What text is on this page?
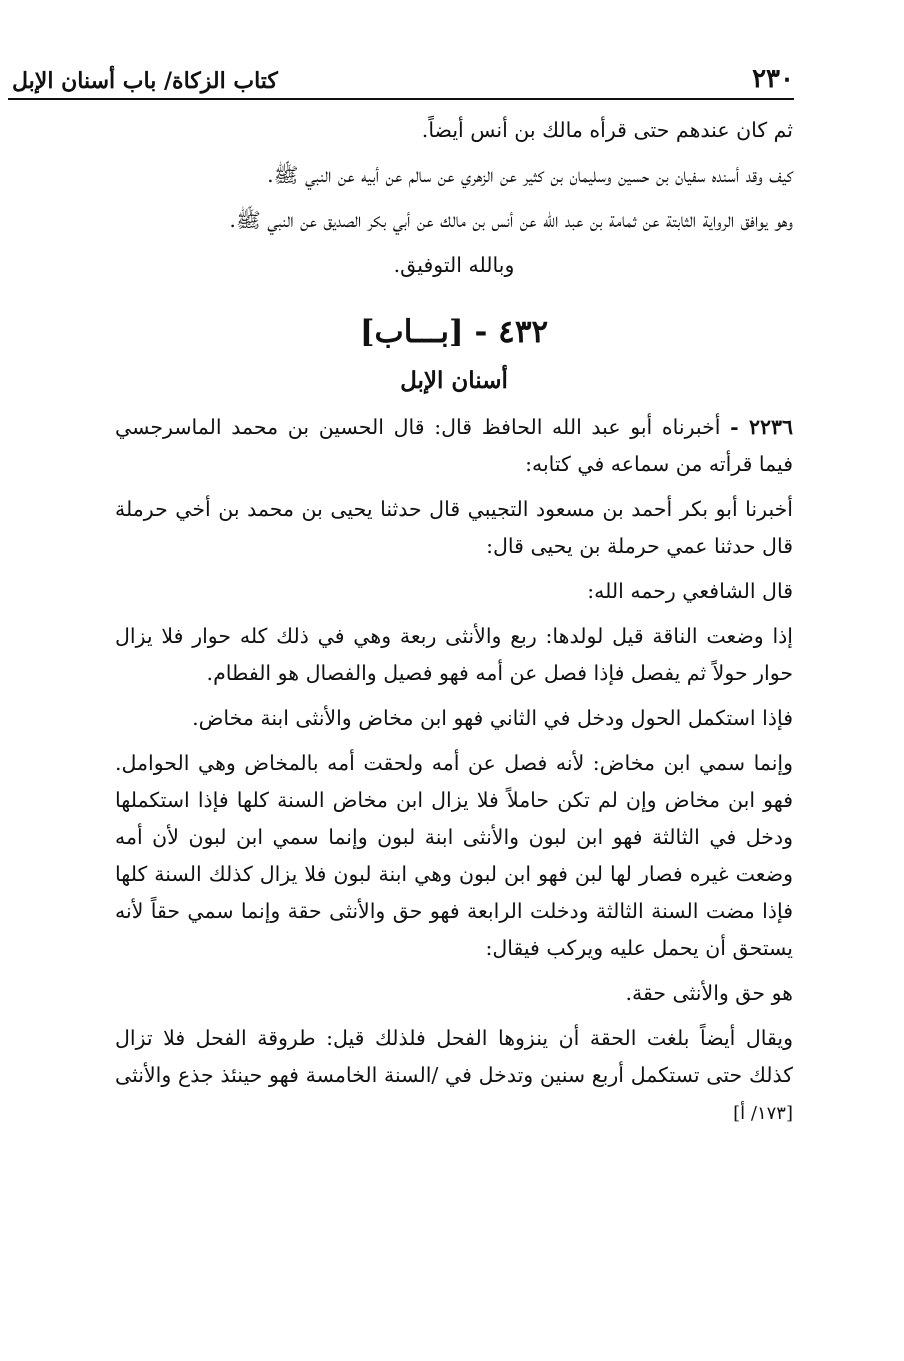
٢٣٠
كتاب الزكاة/ باب أسنان الإبل

ثم كان عندهم حتى قرأه مالك بن أنس أيضاً.

كيف وقد أسنده سفيان بن حسين وسليمان بن كثير عن الزهري عن سالم عن أبيه عن النبي ﷺ.

وهو يوافق الرواية الثابتة عن ثمامة بن عبد الله عن أنس بن مالك عن أبي بكر الصديق عن النبي ﷺ.

وبالله التوفيق.

٤٣٢ - [بـــاب]
أسنان الإبل

٢٢٣٦ - أخبرناه أبو عبد الله الحافظ قال: قال الحسين بن محمد الماسرجسي فيما قرأته من سماعه في كتابه:

أخبرنا أبو بكر أحمد بن مسعود التجيبي قال حدثنا يحيى بن محمد بن أخي حرملة قال حدثنا عمي حرملة بن يحيى قال:

قال الشافعي رحمه الله:

إذا وضعت الناقة قيل لولدها: ربع والأنثى ربعة وهي في ذلك كله حوار فلا يزال حوار حولاً ثم يفصل فإذا فصل عن أمه فهو فصيل والفصال هو الفطام.

فإذا استكمل الحول ودخل في الثاني فهو ابن مخاض والأنثى ابنة مخاض.

وإنما سمي ابن مخاض: لأنه فصل عن أمه ولحقت أمه بالمخاض وهي الحوامل. فهو ابن مخاض وإن لم تكن حاملاً فلا يزال ابن مخاض السنة كلها فإذا استكملها ودخل في الثالثة فهو ابن لبون والأنثى ابنة لبون وإنما سمي ابن لبون لأن أمه وضعت غيره فصار لها لبن فهو ابن لبون وهي ابنة لبون فلا يزال كذلك السنة كلها فإذا مضت السنة الثالثة ودخلت الرابعة فهو حق والأنثى حقة وإنما سمي حقاً لأنه يستحق أن يحمل عليه ويركب فيقال:

هو حق والأنثى حقة.

ويقال أيضاً بلغت الحقة أن ينزوها الفحل فلذلك قيل: طروقة الفحل فلا تزال كذلك حتى تستكمل أربع سنين وتدخل في /السنة الخامسة فهو حينئذ جذع والأنثى [١٧٣/ أ]
